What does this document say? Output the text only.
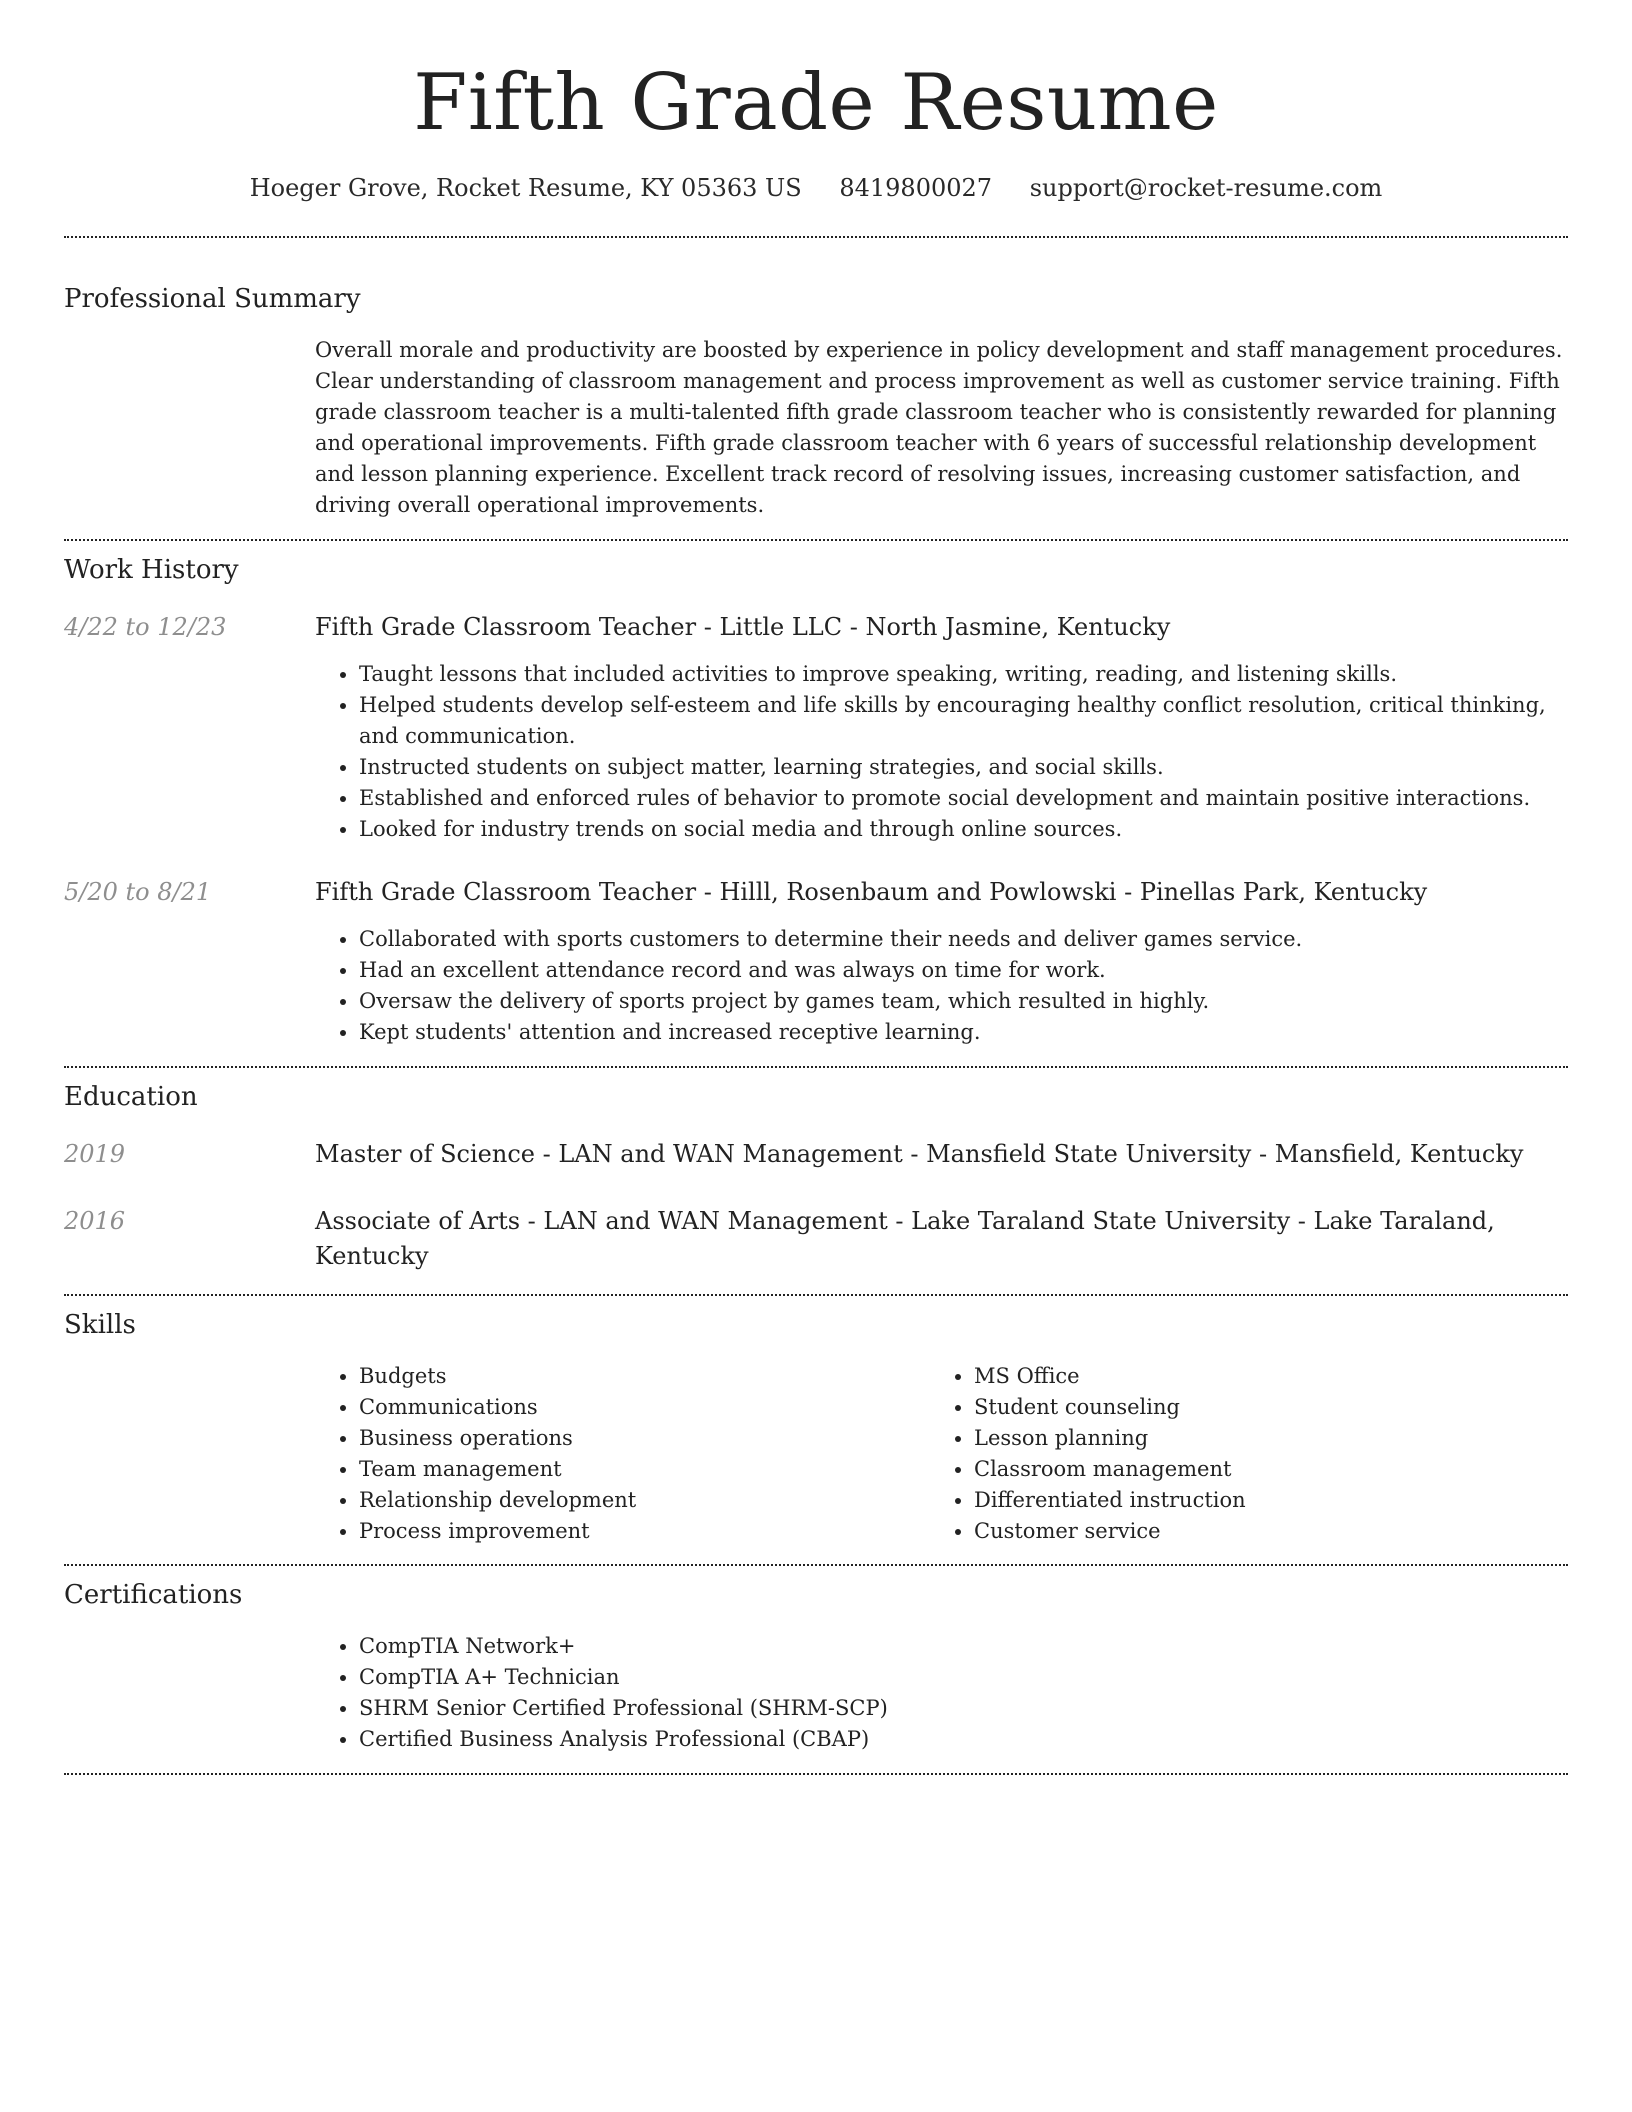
Fifth Grade Resume
Hoeger Grove, Rocket Resume, KY 05363 US 8419800027 support@rocket-resume.com
Professional Summary
Overall morale and productivity are boosted by experience in policy development and staff management procedures. Clear understanding of classroom management and process improvement as well as customer service training. Fifth grade classroom teacher is a multi-talented fifth grade classroom teacher who is consistently rewarded for planning and operational improvements. Fifth grade classroom teacher with 6 years of successful relationship development and lesson planning experience. Excellent track record of resolving issues, increasing customer satisfaction, and driving overall operational improvements.
Work History
4/22 to 12/23	Fifth Grade Classroom Teacher - Little LLC - North Jasmine, Kentucky
• Taught lessons that included activities to improve speaking, writing, reading, and listening skills.
• Helped students develop self-esteem and life skills by encouraging healthy conflict resolution, critical thinking, and communication.
• Instructed students on subject matter, learning strategies, and social skills.
• Established and enforced rules of behavior to promote social development and maintain positive interactions.
• Looked for industry trends on social media and through online sources.
5/20 to 8/21	Fifth Grade Classroom Teacher - Hilll, Rosenbaum and Powlowski - Pinellas Park, Kentucky
• Collaborated with sports customers to determine their needs and deliver games service.
• Had an excellent attendance record and was always on time for work.
• Oversaw the delivery of sports project by games team, which resulted in highly.
• Kept students' attention and increased receptive learning.
Education
2019	Master of Science - LAN and WAN Management - Mansfield State University - Mansfield, Kentucky
2016	Associate of Arts - LAN and WAN Management - Lake Taraland State University - Lake Taraland, Kentucky
Skills
• Budgets
• Communications
• Business operations
• Team management
• Relationship development
• Process improvement
• MS Office
• Student counseling
• Lesson planning
• Classroom management
• Differentiated instruction
• Customer service
Certifications
• CompTIA Network+
• CompTIA A+ Technician
• SHRM Senior Certified Professional (SHRM-SCP)
• Certified Business Analysis Professional (CBAP)
